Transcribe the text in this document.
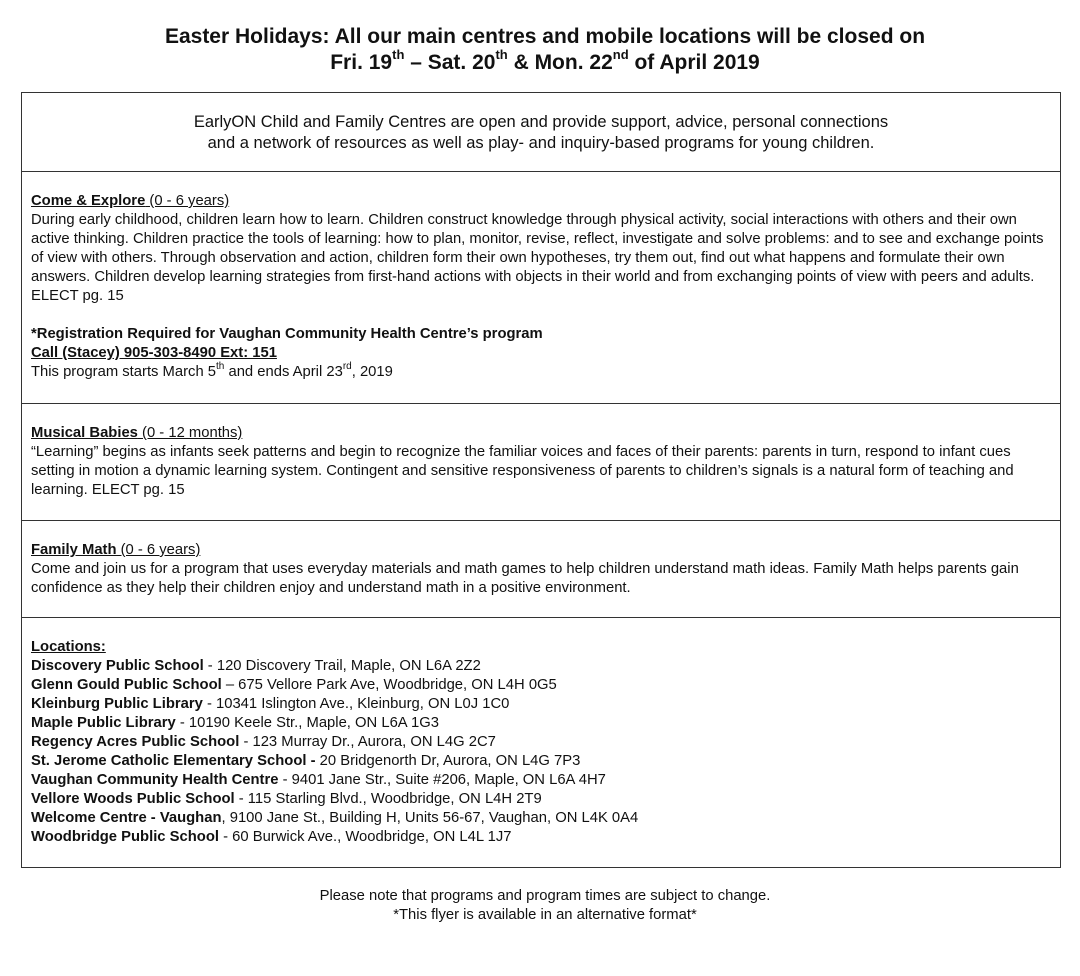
Easter Holidays: All our main centres and mobile locations will be closed on
Fri. 19th – Sat. 20th & Mon. 22nd of April 2019
EarlyON Child and Family Centres are open and provide support, advice, personal connections
and a network of resources as well as play- and inquiry-based programs for young children.
Come & Explore (0 - 6 years)
During early childhood, children learn how to learn. Children construct knowledge through physical activity, social interactions with others and their own active thinking. Children practice the tools of learning: how to plan, monitor, revise, reflect, investigate and solve problems: and to see and exchange points of view with others. Through observation and action, children form their own hypotheses, try them out, find out what happens and formulate their own answers. Children develop learning strategies from first-hand actions with objects in their world and from exchanging points of view with peers and adults. ELECT pg. 15
*Registration Required for Vaughan Community Health Centre’s program
Call (Stacey) 905-303-8490 Ext: 151
This program starts March 5th and ends April 23rd, 2019
Musical Babies (0 - 12 months)
“Learning” begins as infants seek patterns and begin to recognize the familiar voices and faces of their parents: parents in turn, respond to infant cues setting in motion a dynamic learning system. Contingent and sensitive responsiveness of parents to children’s signals is a natural form of teaching and learning. ELECT pg. 15
Family Math (0 - 6 years)
Come and join us for a program that uses everyday materials and math games to help children understand math ideas. Family Math helps parents gain confidence as they help their children enjoy and understand math in a positive environment.
Locations:
Discovery Public School - 120 Discovery Trail, Maple, ON L6A 2Z2
Glenn Gould Public School – 675 Vellore Park Ave, Woodbridge, ON L4H 0G5
Kleinburg Public Library - 10341 Islington Ave., Kleinburg, ON L0J 1C0
Maple Public Library - 10190 Keele Str., Maple, ON L6A 1G3
Regency Acres Public School - 123 Murray Dr., Aurora, ON L4G 2C7
St. Jerome Catholic Elementary School - 20 Bridgenorth Dr, Aurora, ON L4G 7P3
Vaughan Community Health Centre - 9401 Jane Str., Suite #206, Maple, ON L6A 4H7
Vellore Woods Public School - 115 Starling Blvd., Woodbridge, ON L4H 2T9
Welcome Centre - Vaughan, 9100 Jane St., Building H, Units 56-67, Vaughan, ON L4K 0A4
Woodbridge Public School - 60 Burwick Ave., Woodbridge, ON L4L 1J7
Please note that programs and program times are subject to change.
*This flyer is available in an alternative format*
